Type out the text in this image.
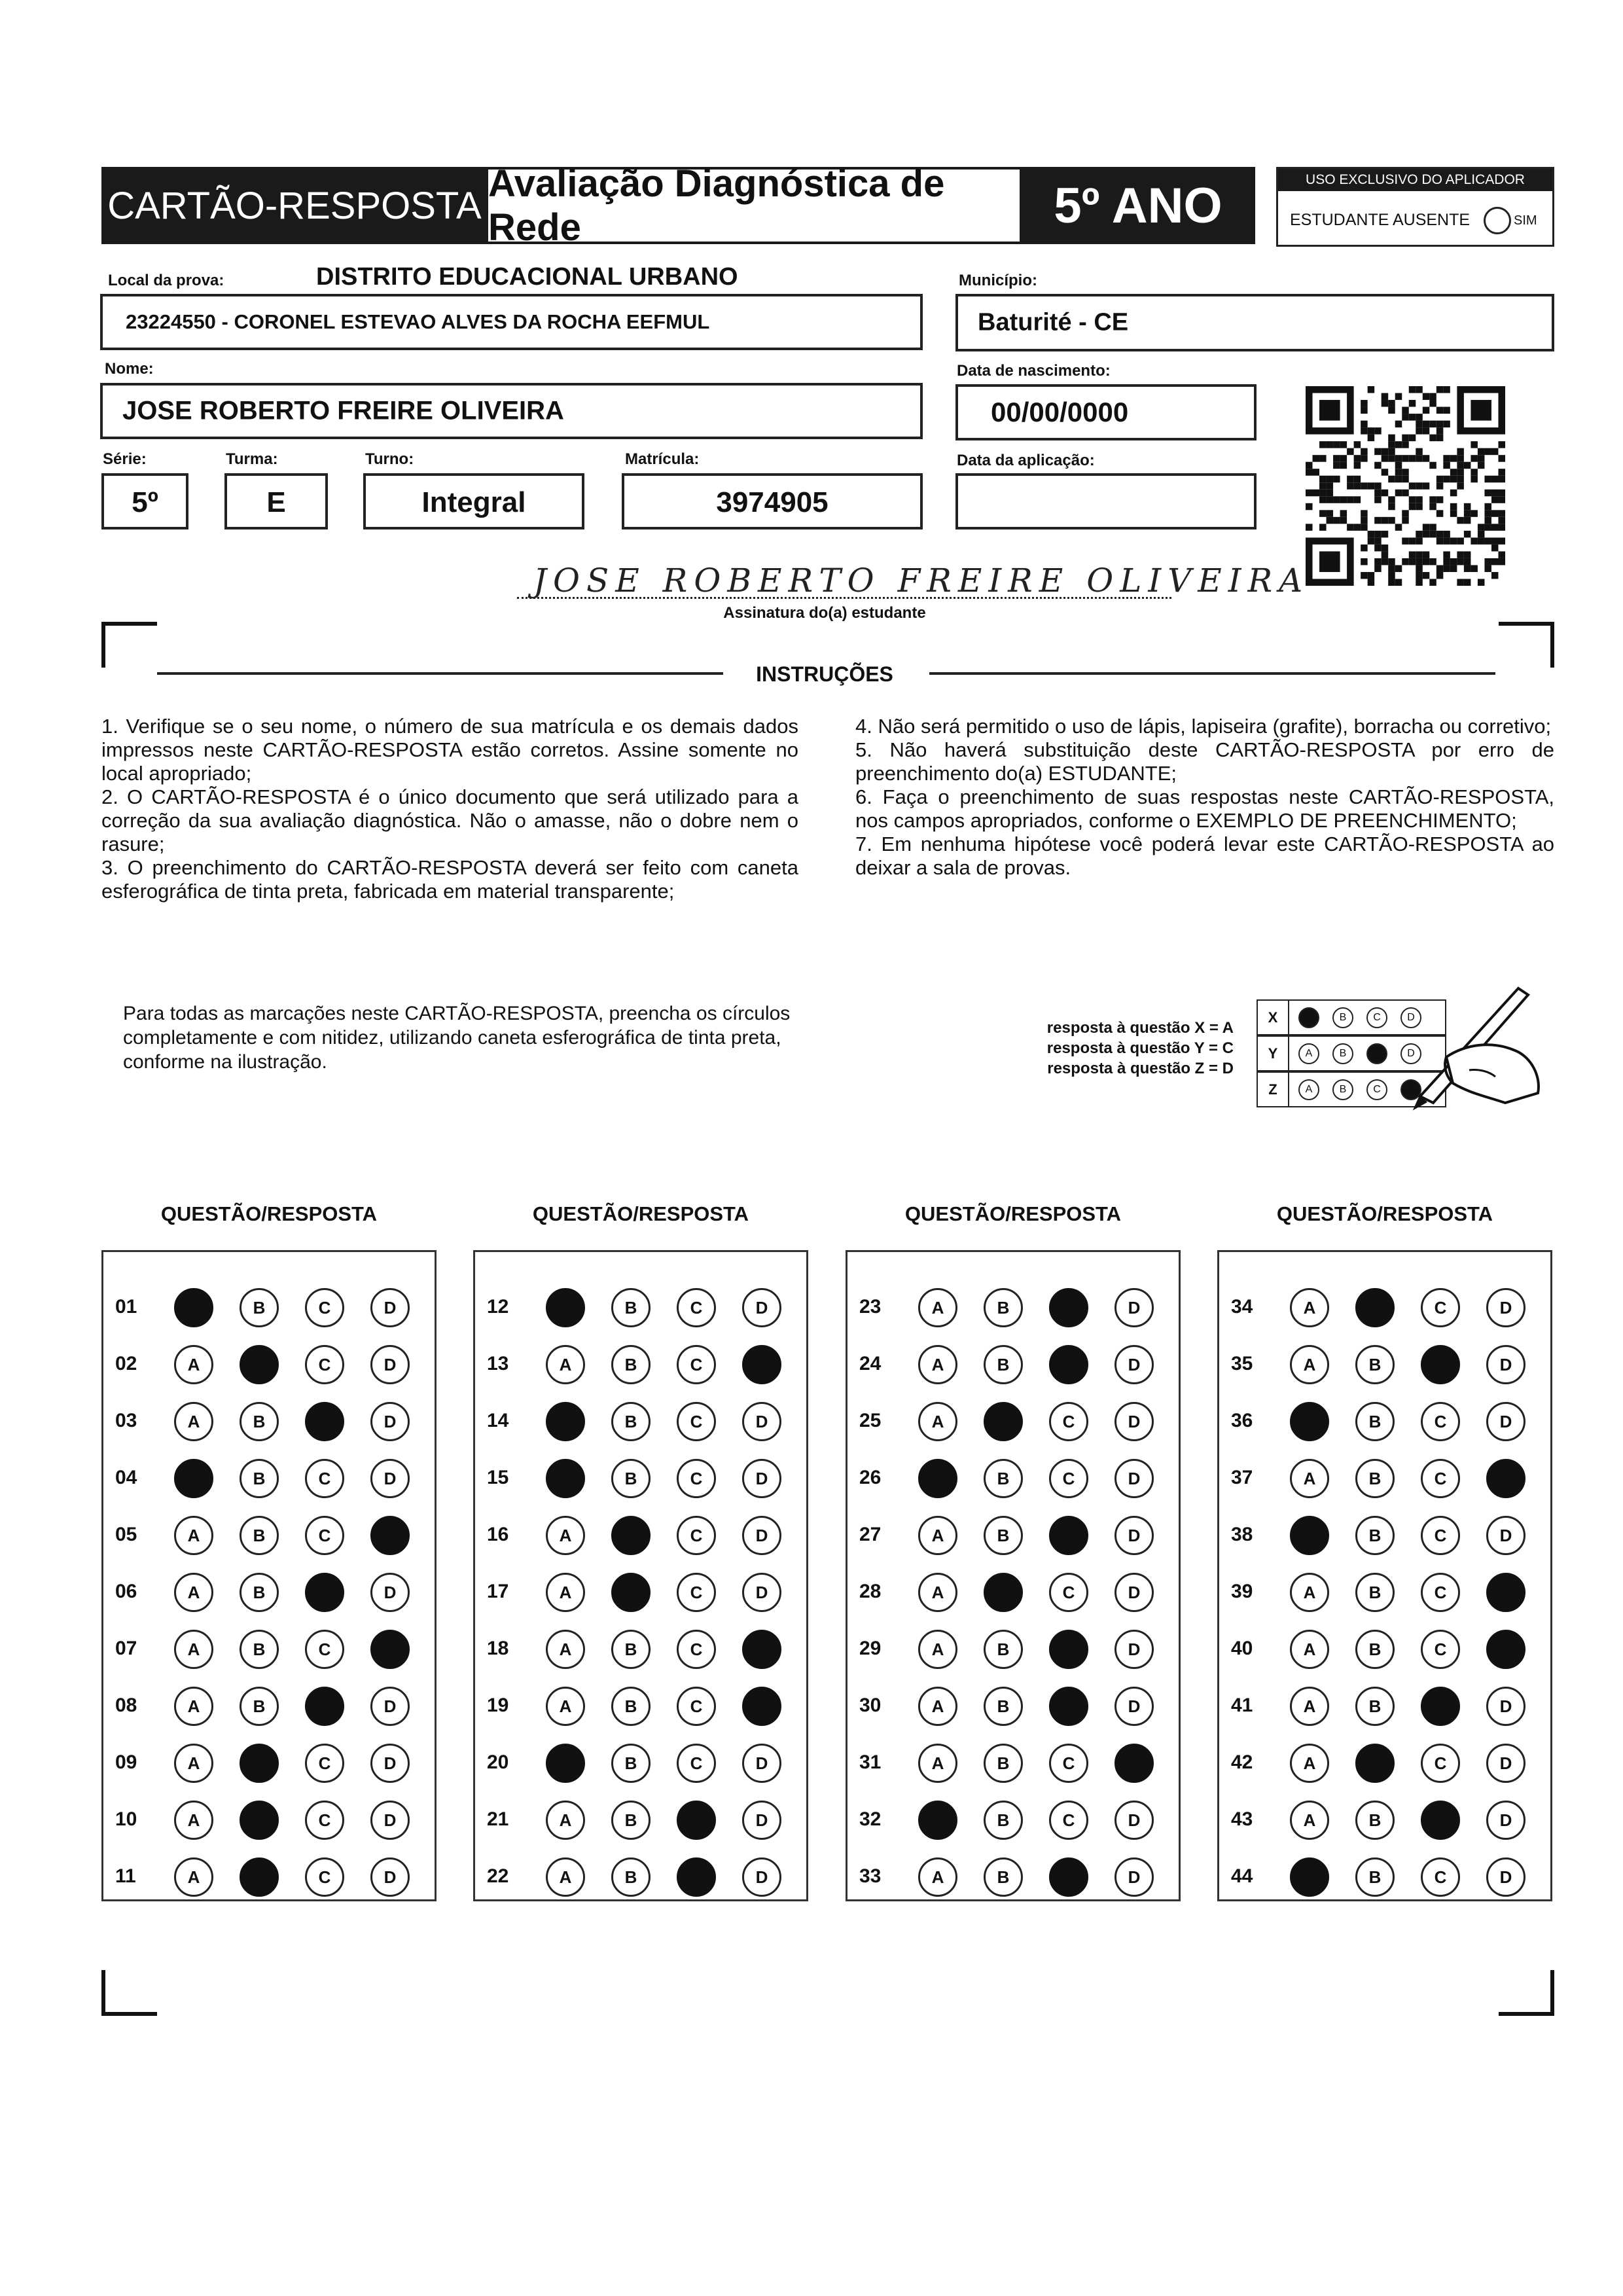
CARTÃO-RESPOSTA
Avaliação Diagnóstica de Rede	5º ANO	USO EXCLUSIVO DO APLICADOR
ESTUDANTE AUSENTE	SIM
Local da prova:	DISTRITO EDUCACIONAL URBANO
23224550 - CORONEL ESTEVAO ALVES DA ROCHA EEFMUL
Município:
Baturité - CE
Nome:
JOSE ROBERTO FREIRE OLIVEIRA
Data de nascimento:
00/00/0000
Série:
5º
Turma:
E
Turno:
Integral
Matrícula:
3974905
Data da aplicação:
JOSE ROBERTO FREIRE OLIVEIRA
Assinatura do(a) estudante
INSTRUÇÕES

1. Verifique se o seu nome, o número de sua matrícula e os demais dados impressos neste CARTÃO-RESPOSTA estão corretos. Assine somente no local apropriado;

2. O CARTÃO-RESPOSTA é o único documento que será utilizado para a correção da sua avaliação diagnóstica. Não o amasse, não o dobre nem o rasure;

3. O preenchimento do CARTÃO-RESPOSTA deverá ser feito com caneta esferográfica de tinta preta, fabricada em material transparente;

4. Não será permitido o uso de lápis, lapiseira (grafite), borracha ou corretivo;

5. Não haverá substituição deste CARTÃO-RESPOSTA por erro de preenchimento do(a) ESTUDANTE;

6. Faça o preenchimento de suas respostas neste CARTÃO-RESPOSTA, nos campos apropriados, conforme o EXEMPLO DE PREENCHIMENTO;

7. Em nenhuma hipótese você poderá levar este CARTÃO-RESPOSTA ao deixar a sala de provas.

Para todas as marcações neste CARTÃO-RESPOSTA, preencha os círculos completamente e com nitidez, utilizando caneta esferográfica de tinta preta, conforme na ilustração.
resposta à questão X = A
resposta à questão Y = C
resposta à questão Z = D
X	A	B	C	D
Y	A	B	C	D
Z	A	B	C	D
QUESTÃO/RESPOSTA
01	A	B	C	D
02	A	B	C	D
03	A	B	C	D
04	A	B	C	D
05	A	B	C	D
06	A	B	C	D
07	A	B	C	D
08	A	B	C	D
09	A	B	C	D
10	A	B	C	D
11	A	B	C	D
QUESTÃO/RESPOSTA
12	A	B	C	D
13	A	B	C	D
14	A	B	C	D
15	A	B	C	D
16	A	B	C	D
17	A	B	C	D
18	A	B	C	D
19	A	B	C	D
20	A	B	C	D
21	A	B	C	D
22	A	B	C	D
QUESTÃO/RESPOSTA
23	A	B	C	D
24	A	B	C	D
25	A	B	C	D
26	A	B	C	D
27	A	B	C	D
28	A	B	C	D
29	A	B	C	D
30	A	B	C	D
31	A	B	C	D
32	A	B	C	D
33	A	B	C	D
QUESTÃO/RESPOSTA
34	A	B	C	D
35	A	B	C	D
36	A	B	C	D
37	A	B	C	D
38	A	B	C	D
39	A	B	C	D
40	A	B	C	D
41	A	B	C	D
42	A	B	C	D
43	A	B	C	D
44	A	B	C	D
